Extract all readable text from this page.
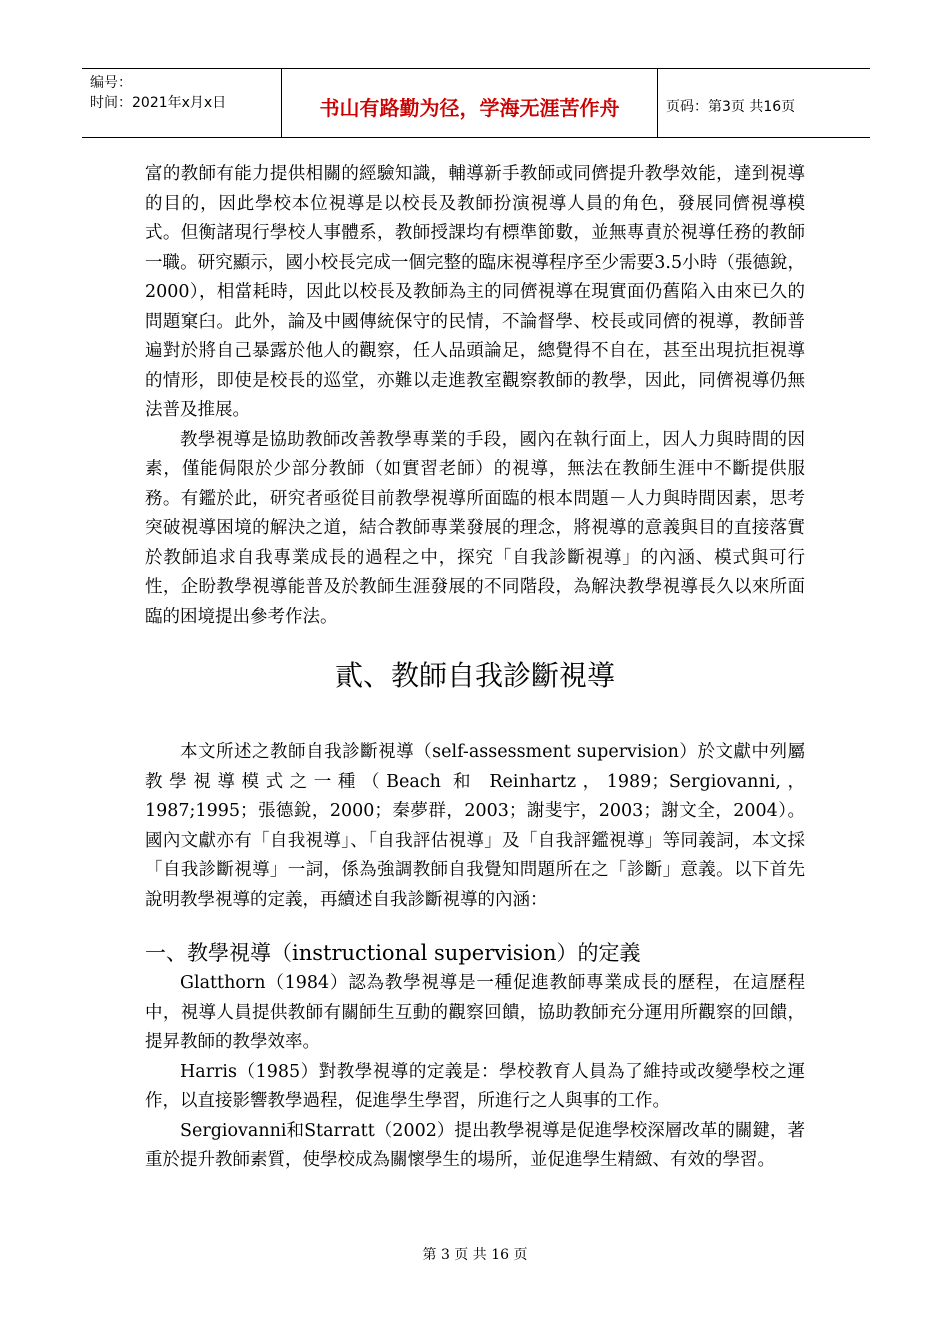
编号：
时间：2021年x月x日	书山有路勤为径，学海无涯苦作舟	页码：第3页 共16页

富的教師有能力提供相關的經驗知識，輔導新手教師或同儕提升教學效能，達到視導的目的，因此學校本位視導是以校長及教師扮演視導人員的角色，發展同儕視導模式。但衡諸現行學校人事體系，教師授課均有標準節數，並無專責於視導任務的教師一職。研究顯示，國小校長完成一個完整的臨床視導程序至少需要3.5小時（張德銳，2000），相當耗時，因此以校長及教師為主的同儕視導在現實面仍舊陷入由來已久的問題窠臼。此外，論及中國傳統保守的民情，不論督學、校長或同儕的視導，教師普遍對於將自己暴露於他人的觀察，任人品頭論足，總覺得不自在，甚至出現抗拒視導的情形，即使是校長的巡堂，亦難以走進教室觀察教師的教學，因此，同儕視導仍無法普及推展。

教學視導是協助教師改善教學專業的手段，國內在執行面上，因人力與時間的因素，僅能侷限於少部分教師（如實習老師）的視導，無法在教師生涯中不斷提供服務。有鑑於此，研究者亟從目前教學視導所面臨的根本問題－人力與時間因素，思考突破視導困境的解決之道，結合教師專業發展的理念，將視導的意義與目的直接落實於教師追求自我專業成長的過程之中，探究「自我診斷視導」的內涵、模式與可行性，企盼教學視導能普及於教師生涯發展的不同階段，為解決教學視導長久以來所面臨的困境提出參考作法。

貳、教師自我診斷視導

本文所述之教師自我診斷視導（self-assessment supervision）於文獻中列屬教學視導模式之一種（Beach 和 Reinhartz，1989；Sergiovanni,，1987;1995；張德銳，2000；秦夢群，2003；謝斐宇，2003；謝文全，2004）。國內文獻亦有「自我視導」、「自我評估視導」及「自我評鑑視導」等同義詞，本文採「自我診斷視導」一詞，係為強調教師自我覺知問題所在之「診斷」意義。以下首先說明教學視導的定義，再續述自我診斷視導的內涵：

一、教學視導（instructional supervision）的定義

Glatthorn（1984）認為教學視導是一種促進教師專業成長的歷程，在這歷程中，視導人員提供教師有關師生互動的觀察回饋，協助教師充分運用所觀察的回饋，提昇教師的教學效率。

Harris（1985）對教學視導的定義是：學校教育人員為了維持或改變學校之運作，以直接影響教學過程，促進學生學習，所進行之人與事的工作。

Sergiovanni和Starratt（2002）提出教學視導是促進學校深層改革的關鍵，著重於提升教師素質，使學校成為關懷學生的場所，並促進學生精緻、有效的學習。

第 3 页 共 16 页
